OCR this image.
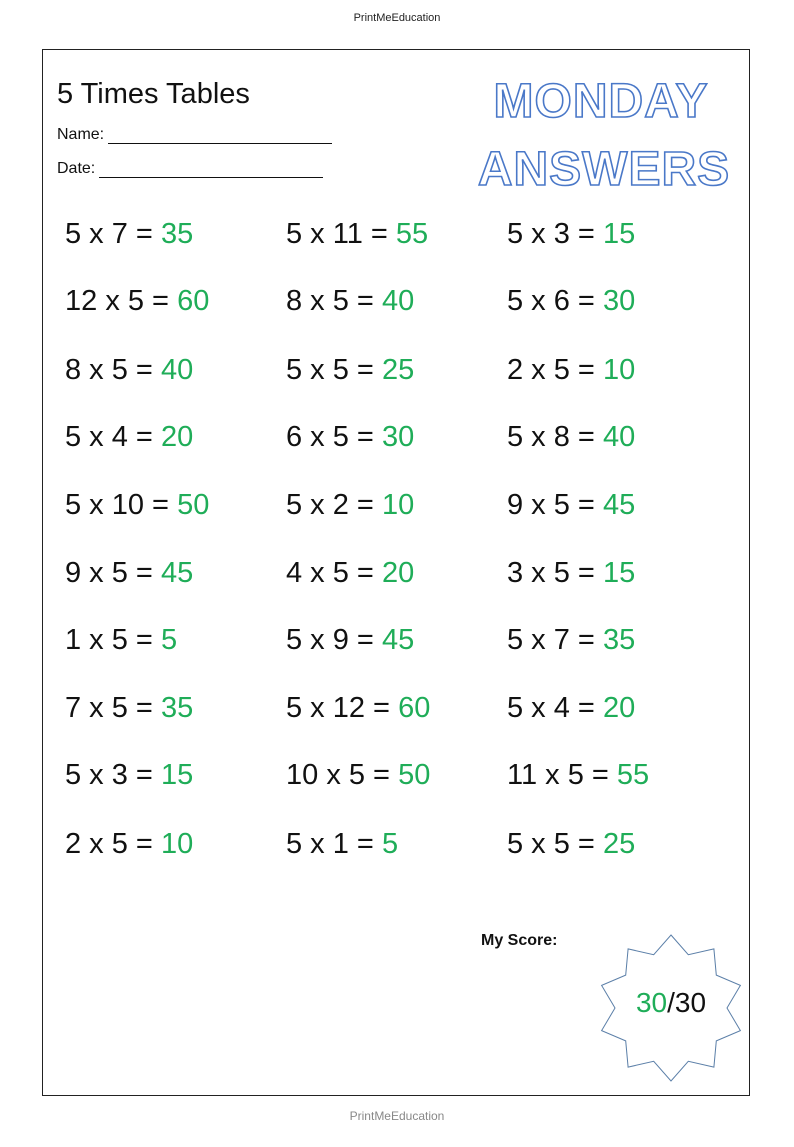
PrintMeEducation
5 Times Tables
Name:
Date:
MONDAY
ANSWERS
5 x 7 = 35
12 x 5 = 60
8 x 5 = 40
5 x 4 = 20
5 x 10 = 50
9 x 5 = 45
1 x 5 = 5
7 x 5 = 35
5 x 3 = 15
2 x 5 = 10
5 x 11 = 55
8 x 5 = 40
5 x 5 = 25
6 x 5 = 30
5 x 2 = 10
4 x 5 = 20
5 x 9 = 45
5 x 12 = 60
10 x 5 = 50
5 x 1 = 5
5 x 3 = 15
5 x 6 = 30
2 x 5 = 10
5 x 8 = 40
9 x 5 = 45
3 x 5 = 15
5 x 7 = 35
5 x 4 = 20
11 x 5 = 55
5 x 5 = 25
My Score:
30/30
PrintMeEducation
